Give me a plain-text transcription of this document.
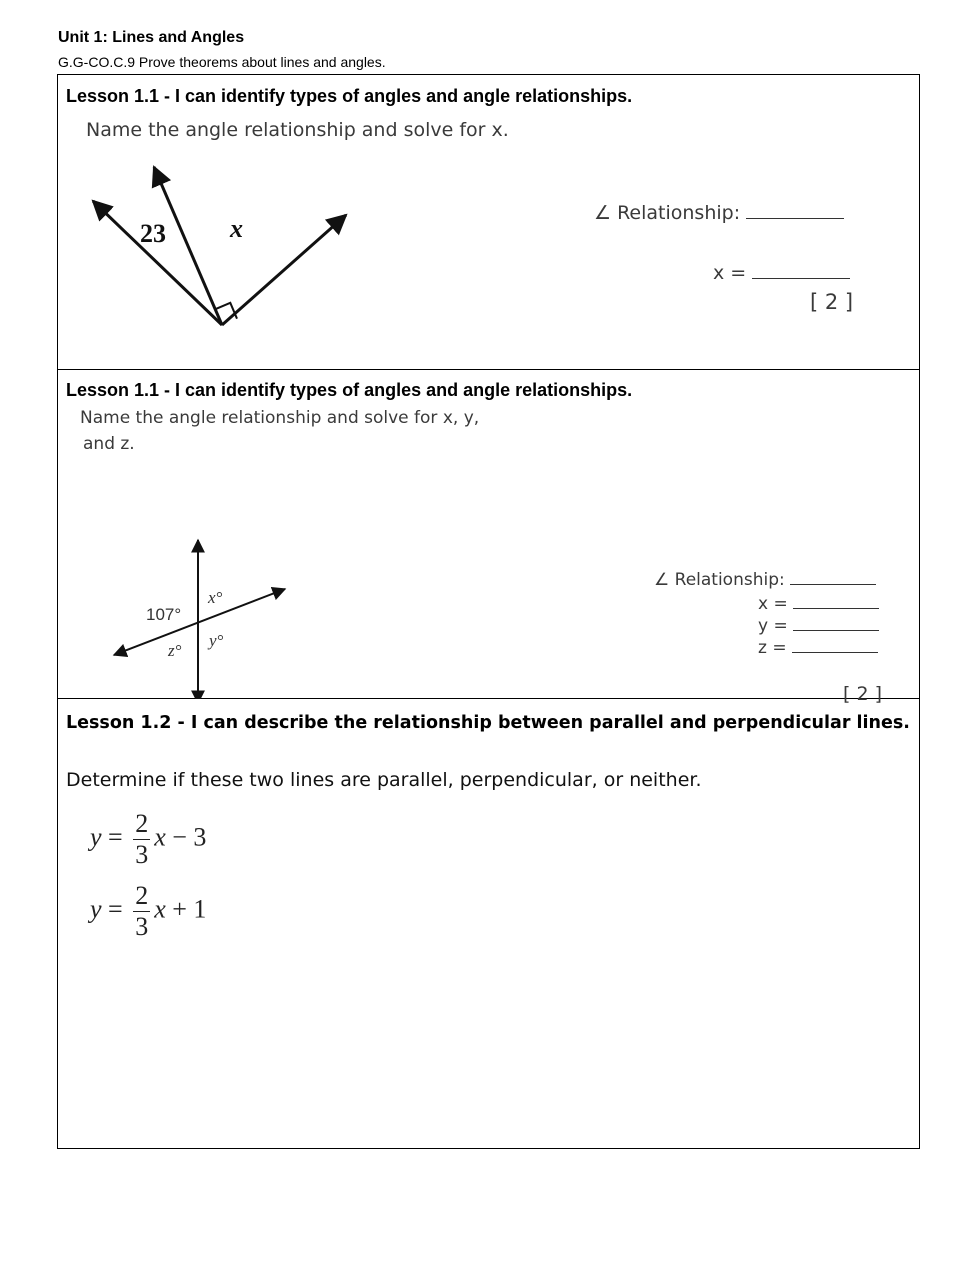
Unit 1: Lines and Angles
G.G-CO.C.9 Prove theorems about lines and angles.
Lesson 1.1 - I can identify types of angles and angle relationships.
Name the angle relationship and solve for x.
23 x
∠ Relationship:
x =
[ 2 ]
Lesson 1.1 - I can identify types of angles and angle relationships.
Name the angle relationship and solve for x, y,
and z.
107°
x°
y°
z°
∠ Relationship:
x =
y =
z =
[ 2 ]
Lesson 1.2 - I can describe the relationship between parallel and perpendicular lines.
Determine if these two lines are parallel, perpendicular, or neither.
$y = \frac{2}{3}$ x − 3
$y = \frac{2}{3}$ x + 1
